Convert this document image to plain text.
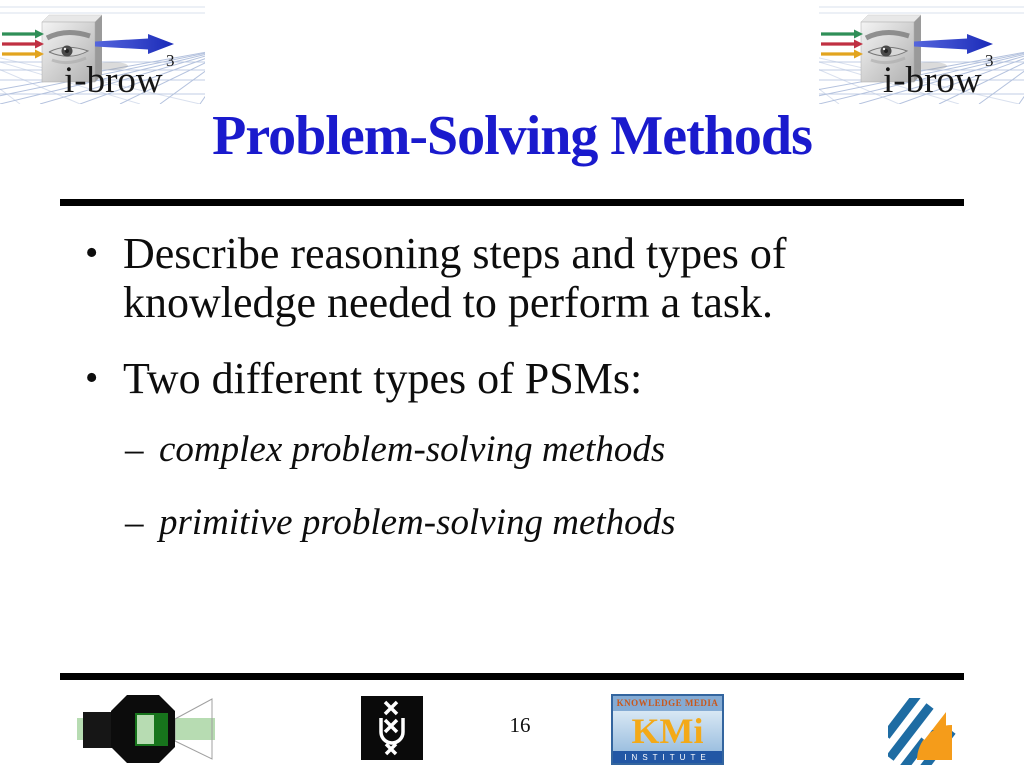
i-brow 3	i-brow 3
Problem-Solving Methods
• Describe reasoning steps and types of knowledge needed to perform a task.
• Two different types of PSMs:
– complex problem-solving methods
– primitive problem-solving methods
16
KNOWLEDGE MEDIA
KMi
INSTITUTE
